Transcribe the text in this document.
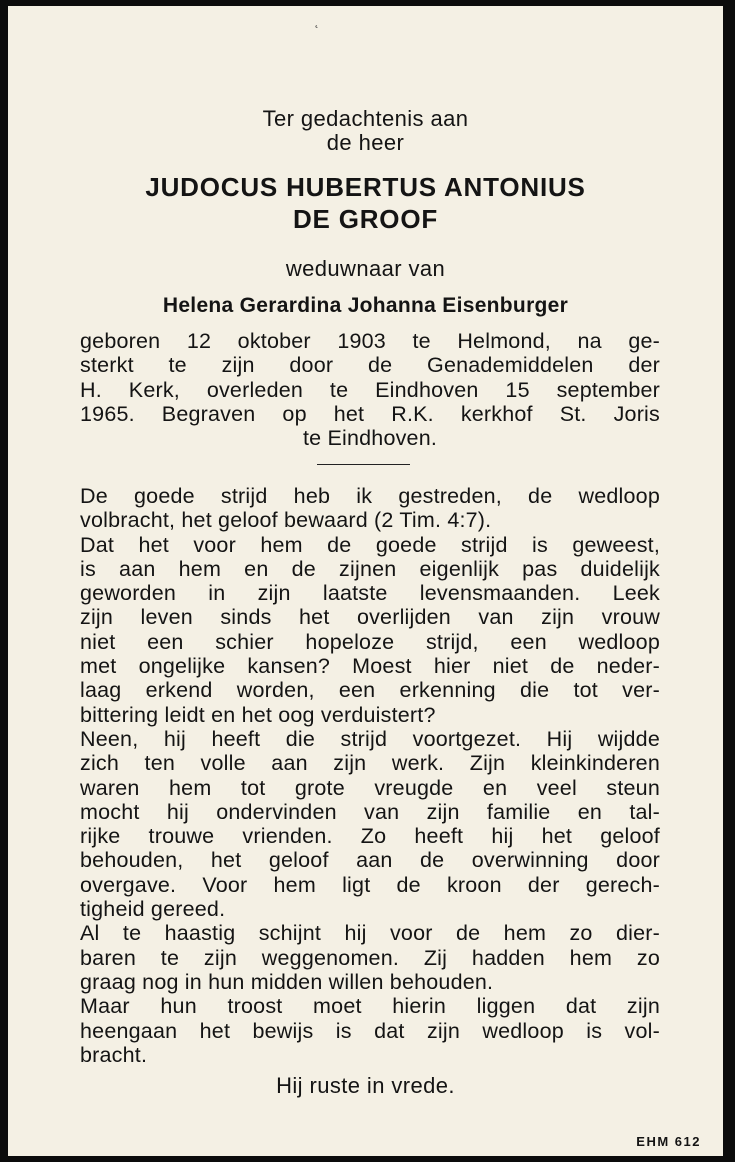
˛
Ter gedachtenis aan
de heer
JUDOCUS HUBERTUS ANTONIUS
DE GROOF
weduwnaar van
Helena Gerardina Johanna Eisenburger
geboren 12 oktober 1903 te Helmond, na ge-
sterkt te zijn door de Genademiddelen der
H. Kerk, overleden te Eindhoven 15 september
1965. Begraven op het R.K. kerkhof St. Joris
te Eindhoven.
De goede strijd heb ik gestreden, de wedloop
volbracht, het geloof bewaard (2 Tim. 4:7).
Dat het voor hem de goede strijd is geweest,
is aan hem en de zijnen eigenlijk pas duidelijk
geworden in zijn laatste levensmaanden. Leek
zijn leven sinds het overlijden van zijn vrouw
niet een schier hopeloze strijd, een wedloop
met ongelijke kansen? Moest hier niet de neder-
laag erkend worden, een erkenning die tot ver-
bittering leidt en het oog verduistert?
Neen, hij heeft die strijd voortgezet. Hij wijdde
zich ten volle aan zijn werk. Zijn kleinkinderen
waren hem tot grote vreugde en veel steun
mocht hij ondervinden van zijn familie en tal-
rijke trouwe vrienden. Zo heeft hij het geloof
behouden, het geloof aan de overwinning door
overgave. Voor hem ligt de kroon der gerech-
tigheid gereed.
Al te haastig schijnt hij voor de hem zo dier-
baren te zijn weggenomen. Zij hadden hem zo
graag nog in hun midden willen behouden.
Maar hun troost moet hierin liggen dat zijn
heengaan het bewijs is dat zijn wedloop is vol-
bracht.
Hij ruste in vrede.
EHM 612
